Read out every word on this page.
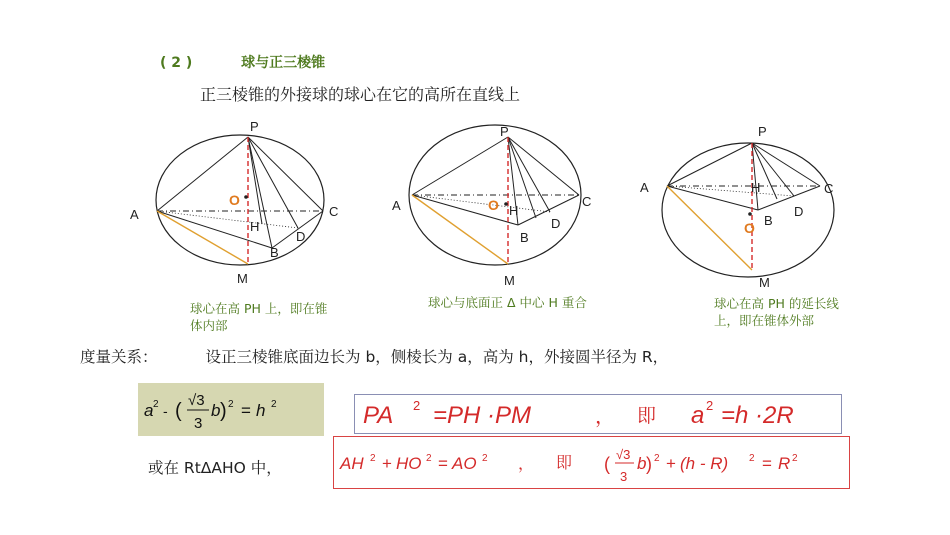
( 2 )	球与正三棱锥
正三棱锥的外接球的球心在它的高所在直线上
P
A	C
O
H
D
B
M
P
A	C
O H
D
B
M
P
A	C
O
H
D
B
M
球心在高 PH 上，即在锥
体内部
球心与底面正 Δ 中心 H 重合	球心在高 PH 的延长线
上，即在锥体外部
度量关系：	设正三棱锥底面边长为 b，侧棱长为 a，高为 h，外接圆半径为 R，
a 2 - ( √3
3
b ) 2 = h 2	PA 2 =PH ·PM	， 即 a 2 =h ·2R
或在 RtΔAHO 中，	AH 2 + HO 2 = AO 2 ， 即 ( √3
3
b ) 2 + (h - R) 2 = R 2
